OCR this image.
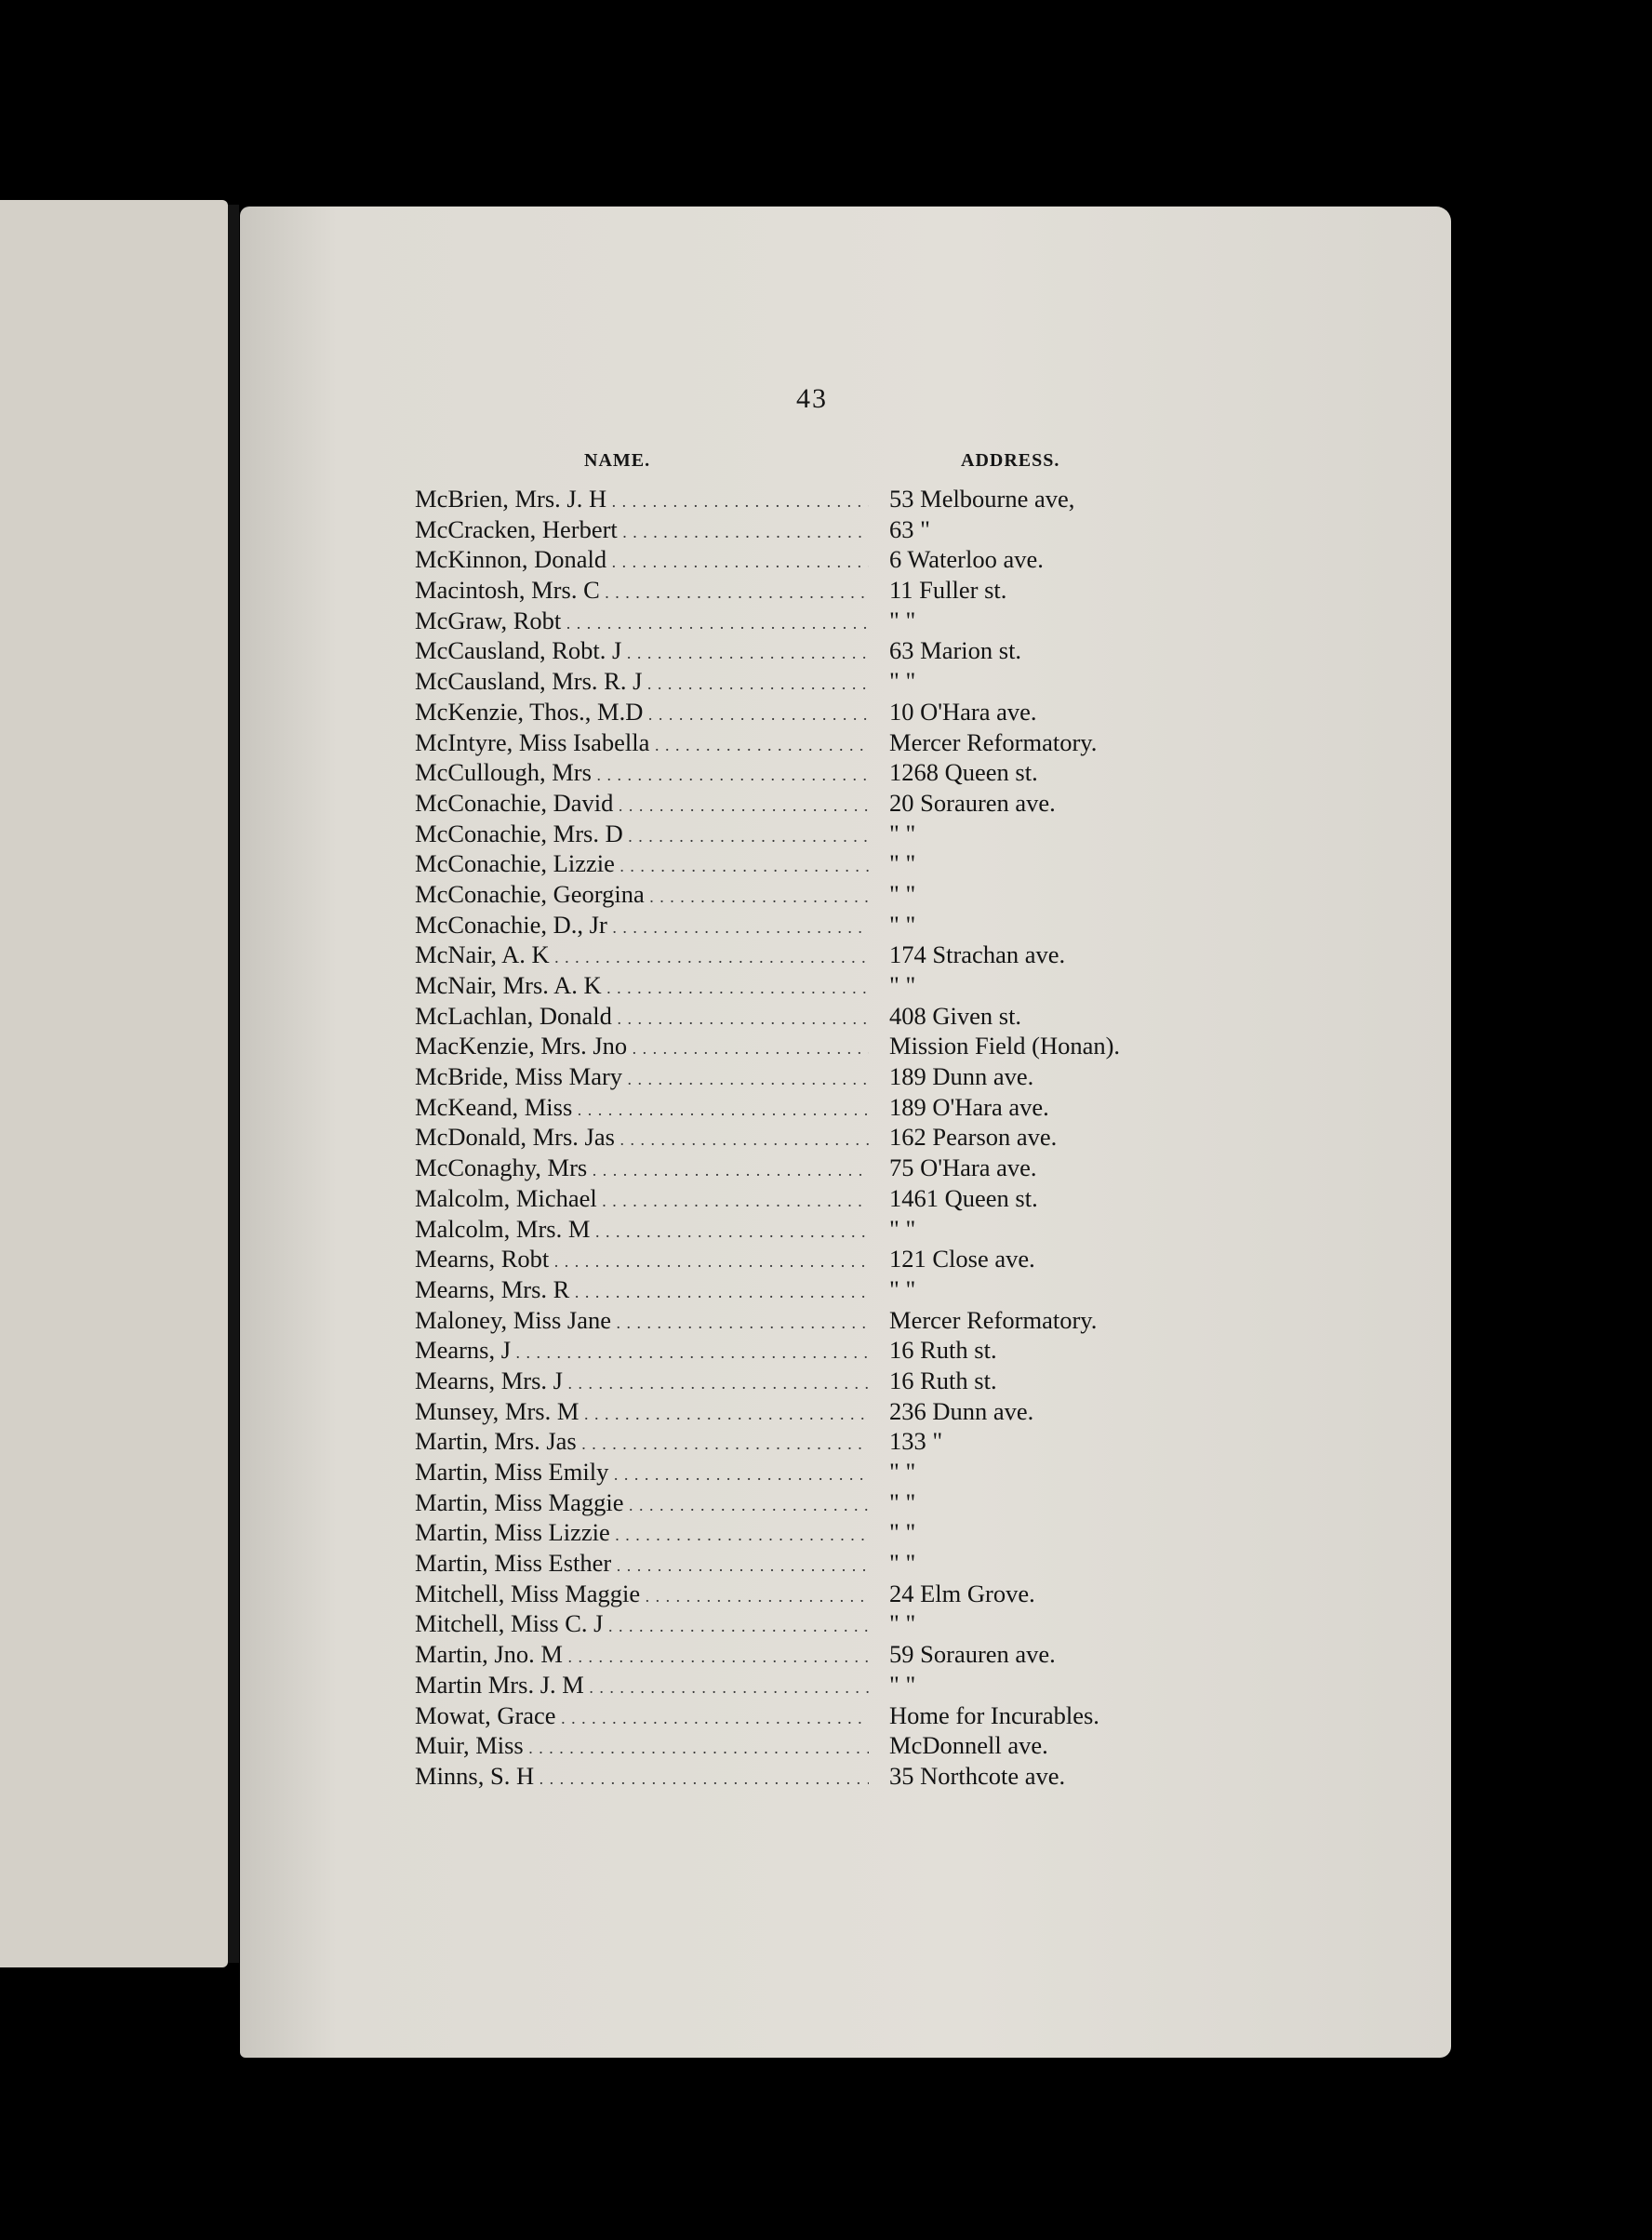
43
NAME.	ADDRESS.
McBrien, Mrs. J. H . . .	53 Melbourne ave,
McCracken, Herbert . . .	63 "
McKinnon, Donald . . .	6 Waterloo ave.
Macintosh, Mrs. C . . .	11 Fuller st.
McGraw, Robt . . .	" "
McCausland, Robt. J . . .	63 Marion st.
McCausland, Mrs. R. J . . .	" "
McKenzie, Thos., M.D . . .	10 O'Hara ave.
McIntyre, Miss Isabella . . .	Mercer Reformatory.
McCullough, Mrs . . .	1268 Queen st.
McConachie, David . . .	20 Sorauren ave.
McConachie, Mrs. D . . .	" "
McConachie, Lizzie . . .	" "
McConachie, Georgina . . .	" "
McConachie, D., Jr . . .	" "
McNair, A. K . . .	174 Strachan ave.
McNair, Mrs. A. K . . .	" "
McLachlan, Donald . . .	408 Given st.
MacKenzie, Mrs. Jno . . .	Mission Field (Honan).
McBride, Miss Mary . . .	189 Dunn ave.
McKeand, Miss . . .	189 O'Hara ave.
McDonald, Mrs. Jas . . .	162 Pearson ave.
McConaghy, Mrs . . .	75 O'Hara ave.
Malcolm, Michael . . .	1461 Queen st.
Malcolm, Mrs. M . . .	" "
Mearns, Robt . . .	121 Close ave.
Mearns, Mrs. R . . .	" "
Maloney, Miss Jane . . .	Mercer Reformatory.
Mearns, J . . .	16 Ruth st.
Mearns, Mrs. J . . .	16 Ruth st.
Munsey, Mrs. M . . .	236 Dunn ave.
Martin, Mrs. Jas . . .	133 "
Martin, Miss Emily . . .	" "
Martin, Miss Maggie . . .	" "
Martin, Miss Lizzie . . .	" "
Martin, Miss Esther . . .	" "
Mitchell, Miss Maggie . . .	24 Elm Grove.
Mitchell, Miss C. J . . .	" "
Martin, Jno. M . . .	59 Sorauren ave.
Martin Mrs. J. M . . .	" "
Mowat, Grace . . .	Home for Incurables.
Muir, Miss . . .	McDonnell ave.
Minns, S. H . . .	35 Northcote ave.
